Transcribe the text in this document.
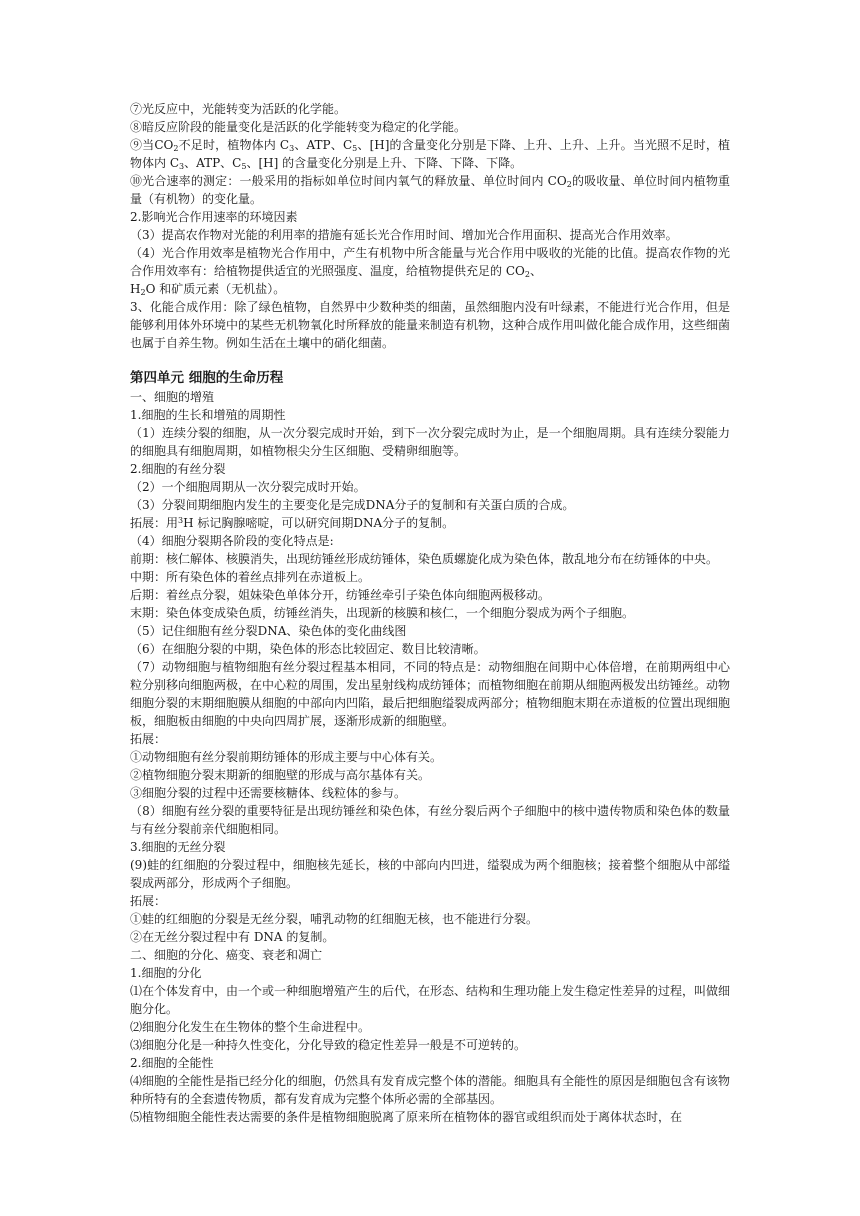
⑦光反应中，光能转变为活跃的化学能。

⑧暗反应阶段的能量变化是活跃的化学能转变为稳定的化学能。

⑨当$CO_2$不足时，植物体内 $C_3$、ATP、$C_5$、[H]的含量变化分别是下降、上升、上升、上升。当光照不足时，植物体内 $C_3$、ATP、$C_5$、[H] 的含量变化分别是上升、下降、下降、下降。

⑩光合速率的测定：一般采用的指标如单位时间内氧气的释放量、单位时间内 $CO_2$的吸收量、单位时间内植物重量（有机物）的变化量。

2.影响光合作用速率的环境因素

（3）提高农作物对光能的利用率的措施有延长光合作用时间、增加光合作用面积、提高光合作用效率。

（4）光合作用效率是植物光合作用中，产生有机物中所含能量与光合作用中吸收的光能的比值。提高农作物的光合作用效率有：给植物提供适宜的光照强度、温度，给植物提供充足的 $CO_2$、

$H_2O$ 和矿质元素（无机盐）。

3、化能合成作用：除了绿色植物，自然界中少数种类的细菌，虽然细胞内没有叶绿素，不能进行光合作用，但是能够利用体外环境中的某些无机物氧化时所释放的能量来制造有机物，这种合成作用叫做化能合成作用，这些细菌也属于自养生物。例如生活在土壤中的硝化细菌。

第四单元 细胞的生命历程

一、细胞的增殖

1.细胞的生长和增殖的周期性

（1）连续分裂的细胞，从一次分裂完成时开始，到下一次分裂完成时为止，是一个细胞周期。具有连续分裂能力的细胞具有细胞周期，如植物根尖分生区细胞、受精卵细胞等。

2.细胞的有丝分裂

（2）一个细胞周期从一次分裂完成时开始。

（3）分裂间期细胞内发生的主要变化是完成DNA分子的复制和有关蛋白质的合成。

拓展：用$^3$H 标记胸腺嘧啶，可以研究间期DNA分子的复制。

（4）细胞分裂期各阶段的变化特点是:

前期：核仁解体、核膜消失，出现纺锤丝形成纺锤体，染色质螺旋化成为染色体，散乱地分布在纺锤体的中央。

中期：所有染色体的着丝点排列在赤道板上。

后期：着丝点分裂，姐妹染色单体分开，纺锤丝牵引子染色体向细胞两极移动。

末期：染色体变成染色质，纺锤丝消失，出现新的核膜和核仁，一个细胞分裂成为两个子细胞。

（5）记住细胞有丝分裂DNA、染色体的变化曲线图

（6）在细胞分裂的中期，染色体的形态比较固定、数目比较清晰。

（7）动物细胞与植物细胞有丝分裂过程基本相同，不同的特点是：动物细胞在间期中心体倍增，在前期两组中心粒分别移向细胞两极，在中心粒的周围，发出星射线构成纺锤体；而植物细胞在前期从细胞两极发出纺锤丝。动物细胞分裂的末期细胞膜从细胞的中部向内凹陷，最后把细胞缢裂成两部分；植物细胞末期在赤道板的位置出现细胞板，细胞板由细胞的中央向四周扩展，逐渐形成新的细胞壁。

拓展：

①动物细胞有丝分裂前期纺锤体的形成主要与中心体有关。

②植物细胞分裂末期新的细胞壁的形成与高尔基体有关。

③细胞分裂的过程中还需要核糖体、线粒体的参与。

（8）细胞有丝分裂的重要特征是出现纺锤丝和染色体，有丝分裂后两个子细胞中的核中遗传物质和染色体的数量与有丝分裂前亲代细胞相同。

3.细胞的无丝分裂

(9)蛙的红细胞的分裂过程中，细胞核先延长，核的中部向内凹进，缢裂成为两个细胞核；接着整个细胞从中部缢裂成两部分，形成两个子细胞。

拓展：

①蛙的红细胞的分裂是无丝分裂，哺乳动物的红细胞无核，也不能进行分裂。

②在无丝分裂过程中有 DNA 的复制。

二、细胞的分化、癌变、衰老和凋亡

1.细胞的分化

⑴在个体发育中，由一个或一种细胞增殖产生的后代，在形态、结构和生理功能上发生稳定性差异的过程，叫做细胞分化。

⑵细胞分化发生在生物体的整个生命进程中。

⑶细胞分化是一种持久性变化，分化导致的稳定性差异一般是不可逆转的。

2.细胞的全能性

⑷细胞的全能性是指已经分化的细胞，仍然具有发育成完整个体的潜能。细胞具有全能性的原因是细胞包含有该物种所特有的全套遗传物质，都有发育成为完整个体所必需的全部基因。

⑸植物细胞全能性表达需要的条件是植物细胞脱离了原来所在植物体的器官或组织而处于离体状态时，在
